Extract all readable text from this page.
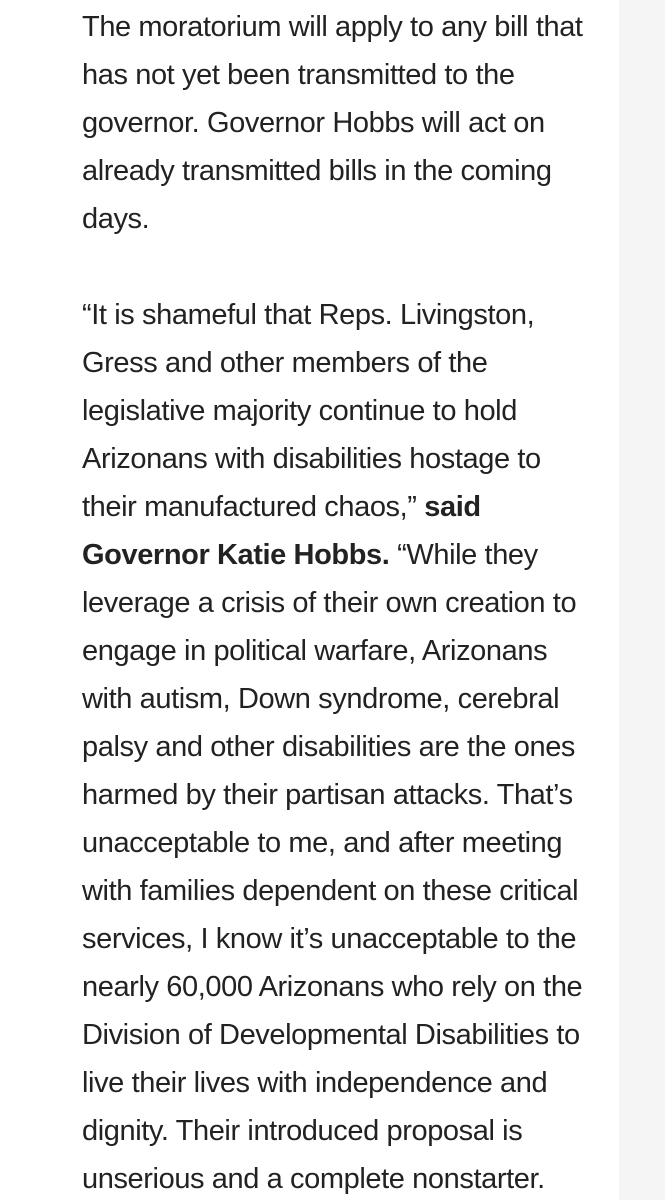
The moratorium will apply to any bill that has not yet been transmitted to the governor. Governor Hobbs will act on already transmitted bills in the coming days.

“It is shameful that Reps. Livingston, Gress and other members of the legislative majority continue to hold Arizonans with disabilities hostage to their manufactured chaos,” said Governor Katie Hobbs. “While they leverage a crisis of their own creation to engage in political warfare, Arizonans with autism, Down syndrome, cerebral palsy and other disabilities are the ones harmed by their partisan attacks. That’s unacceptable to me, and after meeting with families dependent on these critical services, I know it’s unacceptable to the nearly 60,000 Arizonans who rely on the Division of Developmental Disabilities to live their lives with independence and dignity. Their introduced proposal is unserious and a complete nonstarter.
